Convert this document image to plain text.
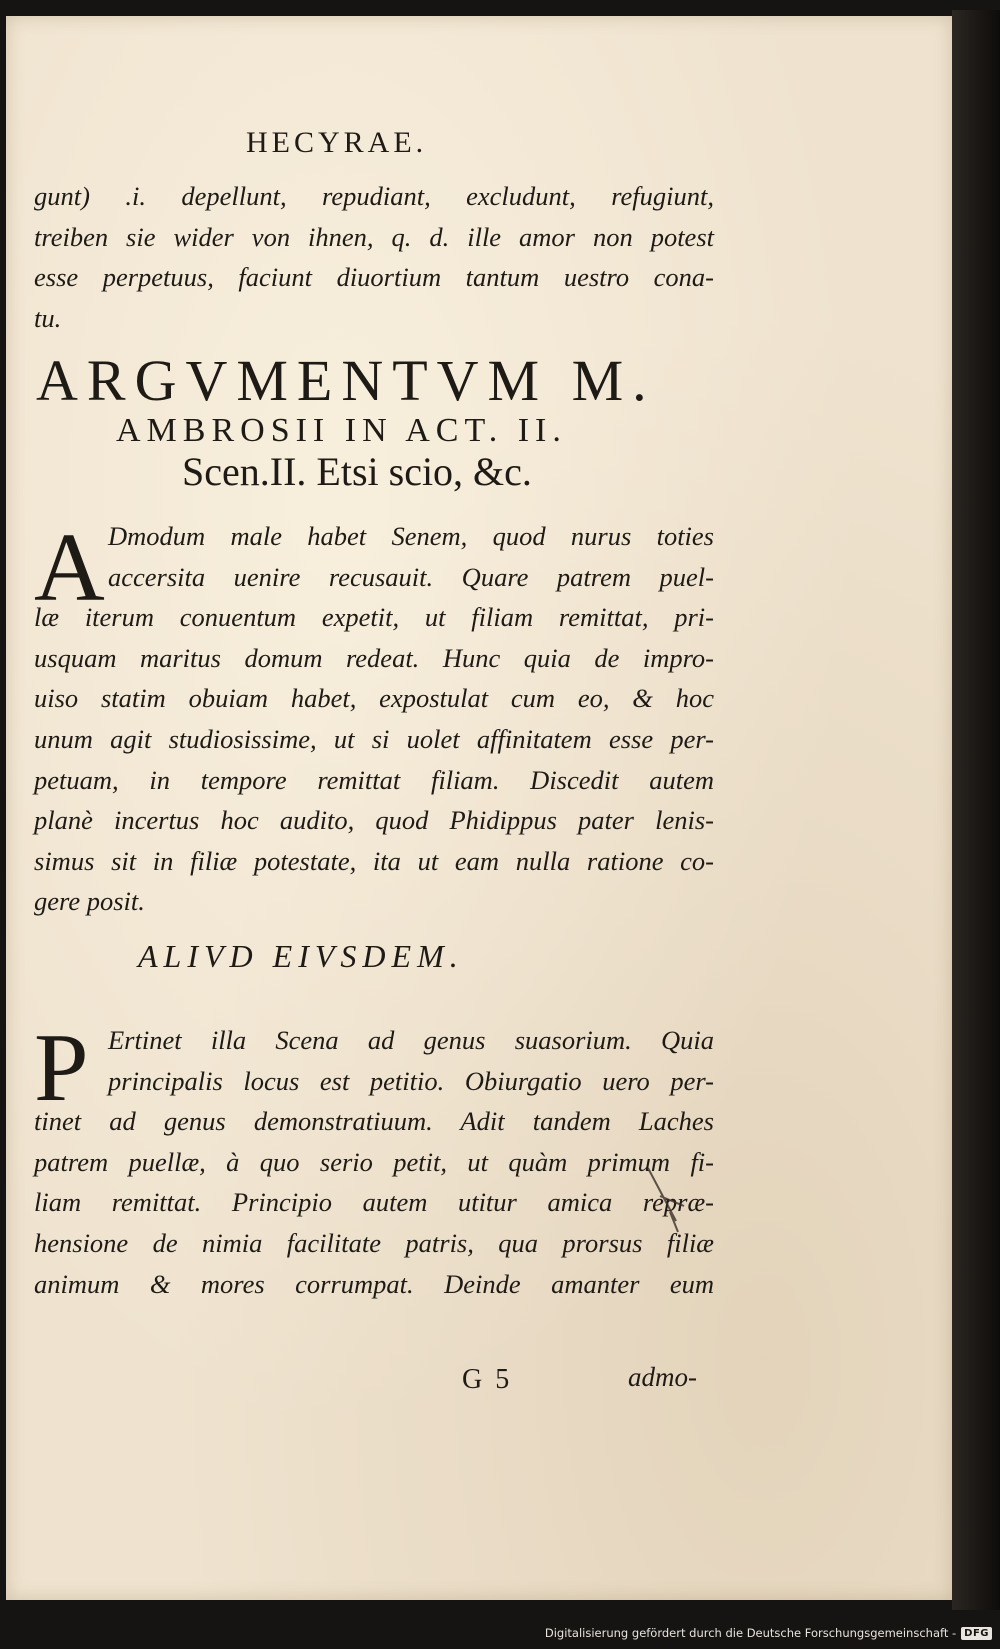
HECYRAE.
gunt) .i. depellunt, repudiant, excludunt, refugiunt,
treiben sie wider von ihnen, q. d. ille amor non potest
esse perpetuus, faciunt diuortium tantum uestro cona-
tu.
ARGVMENTVM M.
AMBROSII IN ACT. II.
Scen.II. Etsi scio, &c.
A Dmodum male habet Senem, quod nurus toties
accersita uenire recusauit. Quare patrem puel-
læ iterum conuentum expetit, ut filiam remittat, pri-
usquam maritus domum redeat. Hunc quia de impro-
uiso statim obuiam habet, expostulat cum eo, & hoc
unum agit studiosissime, ut si uolet affinitatem esse per-
petuam, in tempore remittat filiam. Discedit autem
planè incertus hoc audito, quod Phidippus pater lenis-
simus sit in filiæ potestate, ita ut eam nulla ratione co-
gere posit.
ALIVD EIVSDEM.
P Ertinet illa Scena ad genus suasorium. Quia
principalis locus est petitio. Obiurgatio uero per-
tinet ad genus demonstratiuum. Adit tandem Laches
patrem puellæ, à quo serio petit, ut quàm primum fi-
liam remittat. Principio autem utitur amica repræ-
hensione de nimia facilitate patris, qua prorsus filiæ
animum & mores corrumpat. Deinde amanter eum
G 5	admo-
Digitalisierung gefördert durch die Deutsche Forschungsgemeinschaft - DFG
